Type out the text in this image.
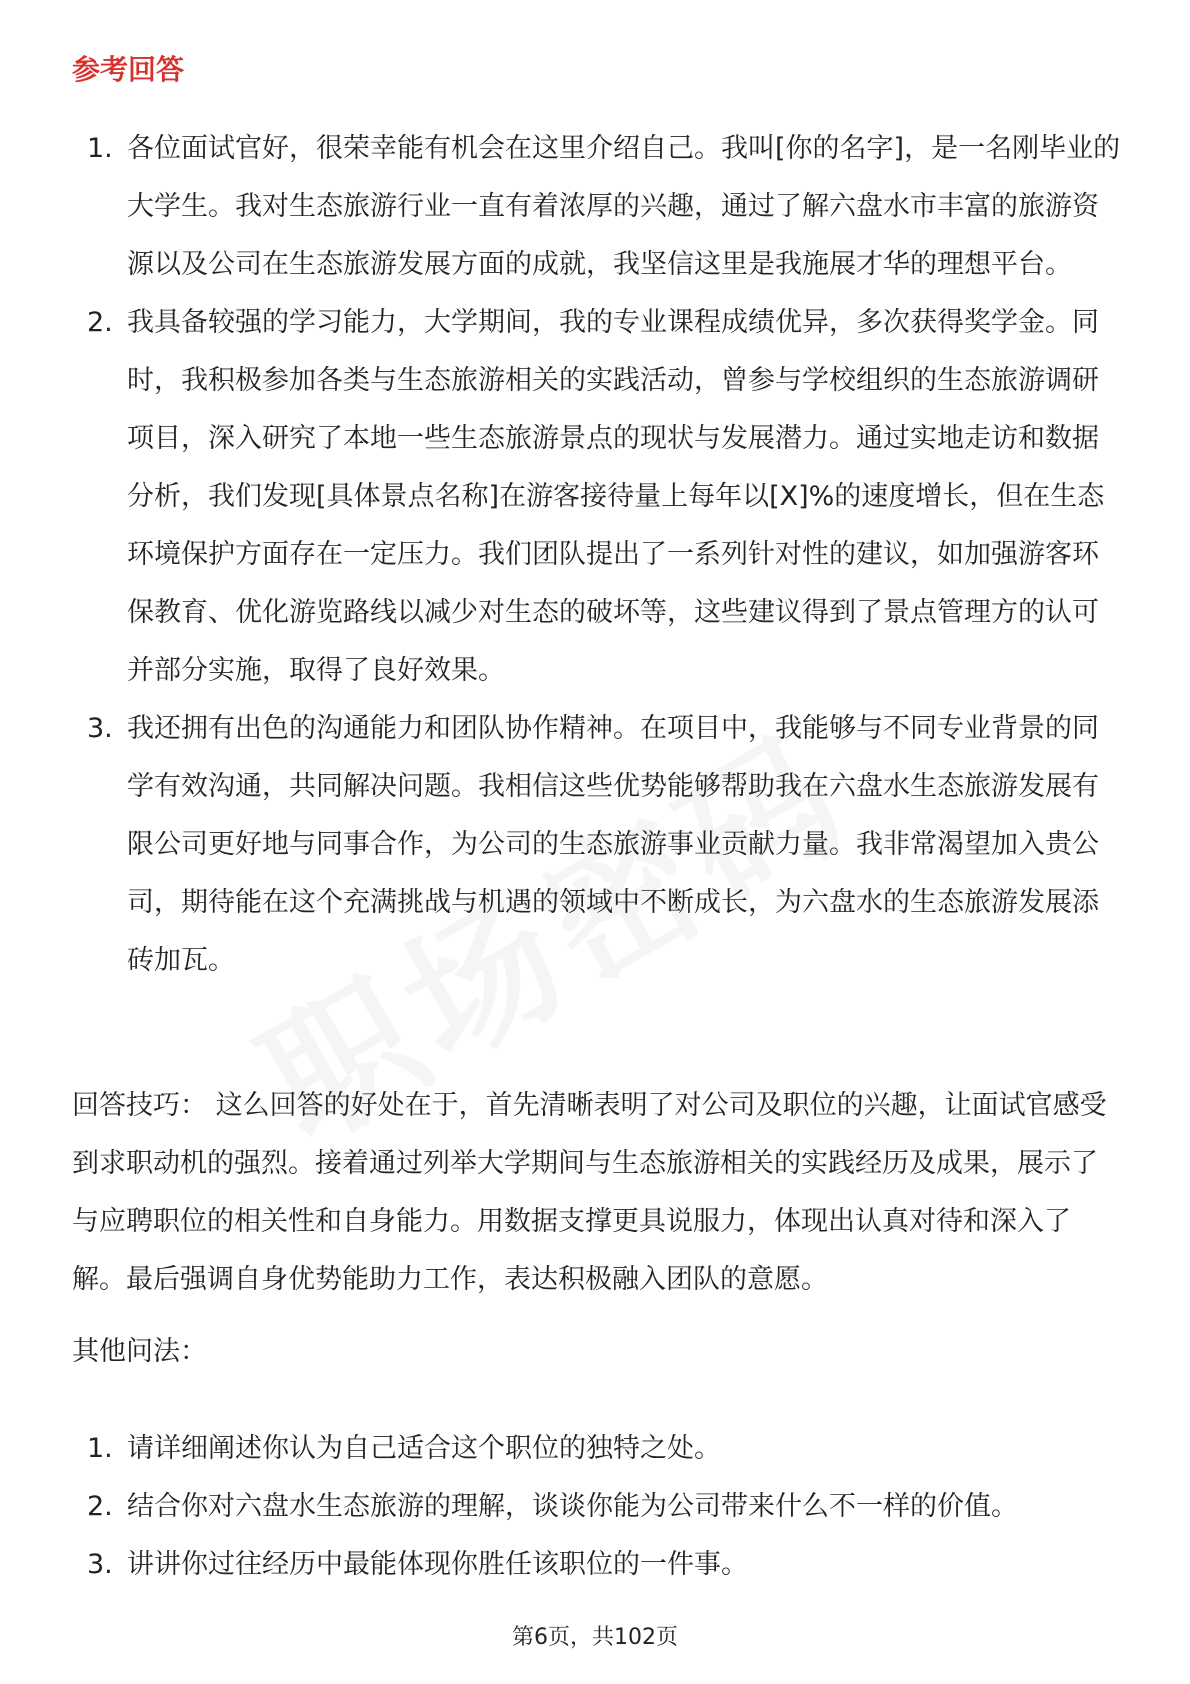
参考回答
1. 各位面试官好，很荣幸能有机会在这里介绍自己。我叫[你的名字]，是一名刚毕业的大学生。我对生态旅游行业一直有着浓厚的兴趣，通过了解六盘水市丰富的旅游资源以及公司在生态旅游发展方面的成就，我坚信这里是我施展才华的理想平台。
2. 我具备较强的学习能力，大学期间，我的专业课程成绩优异，多次获得奖学金。同时，我积极参加各类与生态旅游相关的实践活动，曾参与学校组织的生态旅游调研项目，深入研究了本地一些生态旅游景点的现状与发展潜力。通过实地走访和数据分析，我们发现[具体景点名称]在游客接待量上每年以[X]%的速度增长，但在生态环境保护方面存在一定压力。我们团队提出了一系列针对性的建议，如加强游客环保教育、优化游览路线以减少对生态的破坏等，这些建议得到了景点管理方的认可并部分实施，取得了良好效果。
3. 我还拥有出色的沟通能力和团队协作精神。在项目中，我能够与不同专业背景的同学有效沟通，共同解决问题。我相信这些优势能够帮助我在六盘水生态旅游发展有限公司更好地与同事合作，为公司的生态旅游事业贡献力量。我非常渴望加入贵公司，期待能在这个充满挑战与机遇的领域中不断成长，为六盘水的生态旅游发展添砖加瓦。

回答技巧： 这么回答的好处在于，首先清晰表明了对公司及职位的兴趣，让面试官感受到求职动机的强烈。接着通过列举大学期间与生态旅游相关的实践经历及成果，展示了与应聘职位的相关性和自身能力。用数据支撑更具说服力，体现出认真对待和深入了解。最后强调自身优势能助力工作，表达积极融入团队的意愿。

其他问法：
1. 请详细阐述你认为自己适合这个职位的独特之处。
2. 结合你对六盘水生态旅游的理解，谈谈你能为公司带来什么不一样的价值。
3. 讲讲你过往经历中最能体现你胜任该职位的一件事。
第6页，共102页
